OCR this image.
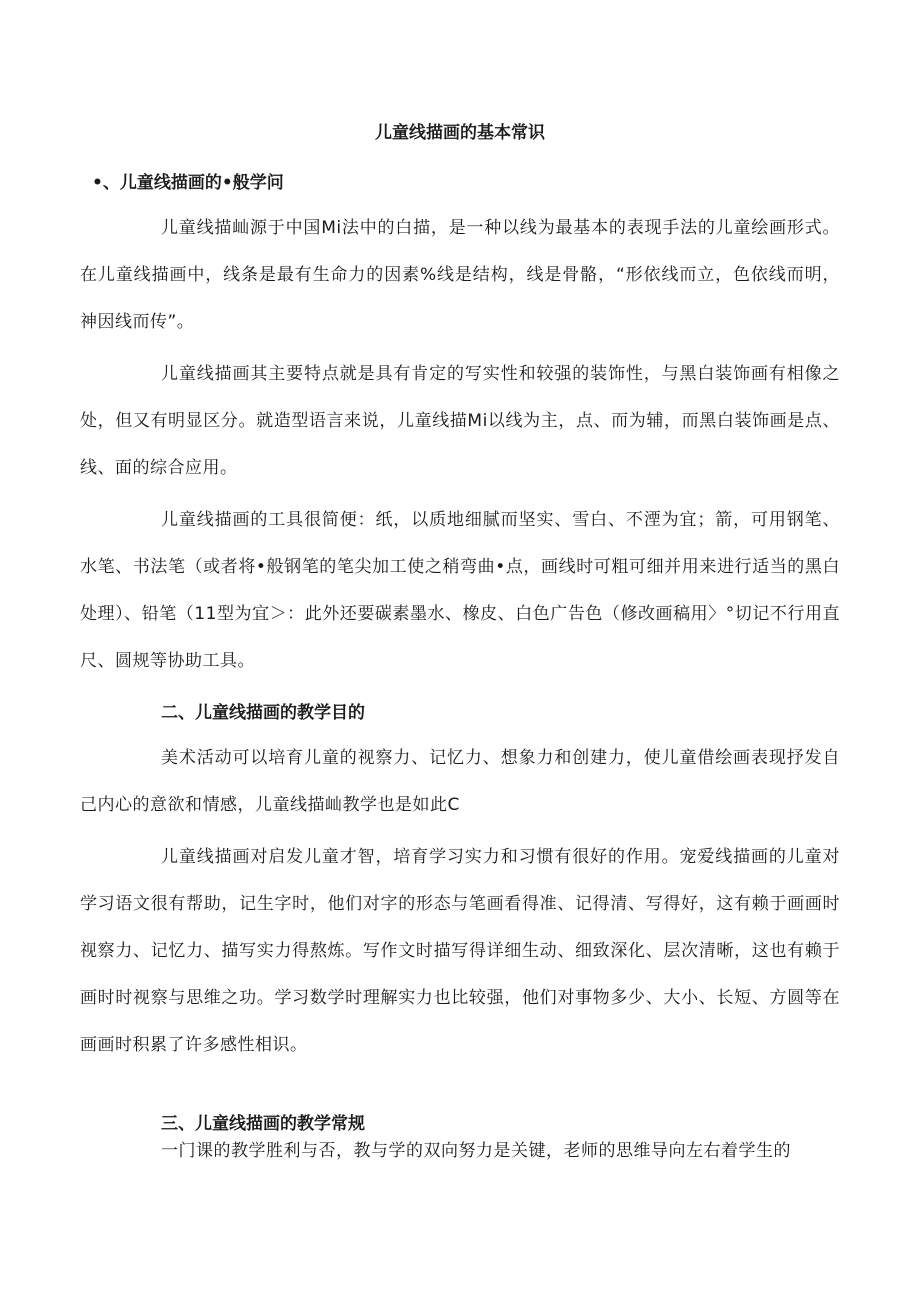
儿童线描画的基本常识
•、儿童线描画的•般学问

儿童线描屾源于中国Mi法中的白描，是一种以线为最基本的表现手法的儿童绘画形式。在儿童线描画中，线条是最有生命力的因素%线是结构，线是骨骼，“形依线而立，色依线而明，神因线而传”。

儿童线描画其主要特点就是具有肯定的写实性和较强的装饰性，与黑白装饰画有相像之处，但又有明显区分。就造型语言来说，儿童线描Mi以线为主，点、而为辅，而黑白装饰画是点、线、面的综合应用。

儿童线描画的工具很简便：纸，以质地细腻而坚实、雪白、不湮为宜；箭，可用钢笔、水笔、书法笔（或者将•般钢笔的笔尖加工使之稍弯曲•点，画线时可粗可细并用来进行适当的黑白处理）、铅笔（11型为宜＞：此外还要碳素墨水、橡皮、白色广告色（修改画稿用〉°切记不行用直尺、圆规等协助工具。

二、儿童线描画的教学目的

美术活动可以培育儿童的视察力、记忆力、想象力和创建力，使儿童借绘画表现抒发自己内心的意欲和情感，儿童线描屾教学也是如此C

儿童线描画对启发儿童才智，培育学习实力和习惯有很好的作用。宠爱线描画的儿童对学习语文很有帮助，记生字时，他们对字的形态与笔画看得准、记得清、写得好，这有赖于画画时视察力、记忆力、描写实力得熬炼。写作文时描写得详细生动、细致深化、层次清晰，这也有赖于画时时视察与思维之功。学习数学时理解实力也比较强，他们对事物多少、大小、长短、方圆等在画画时积累了许多感性相识。

三、儿童线描画的教学常规

一门课的教学胜利与否，教与学的双向努力是关键，老师的思维导向左右着学生的
